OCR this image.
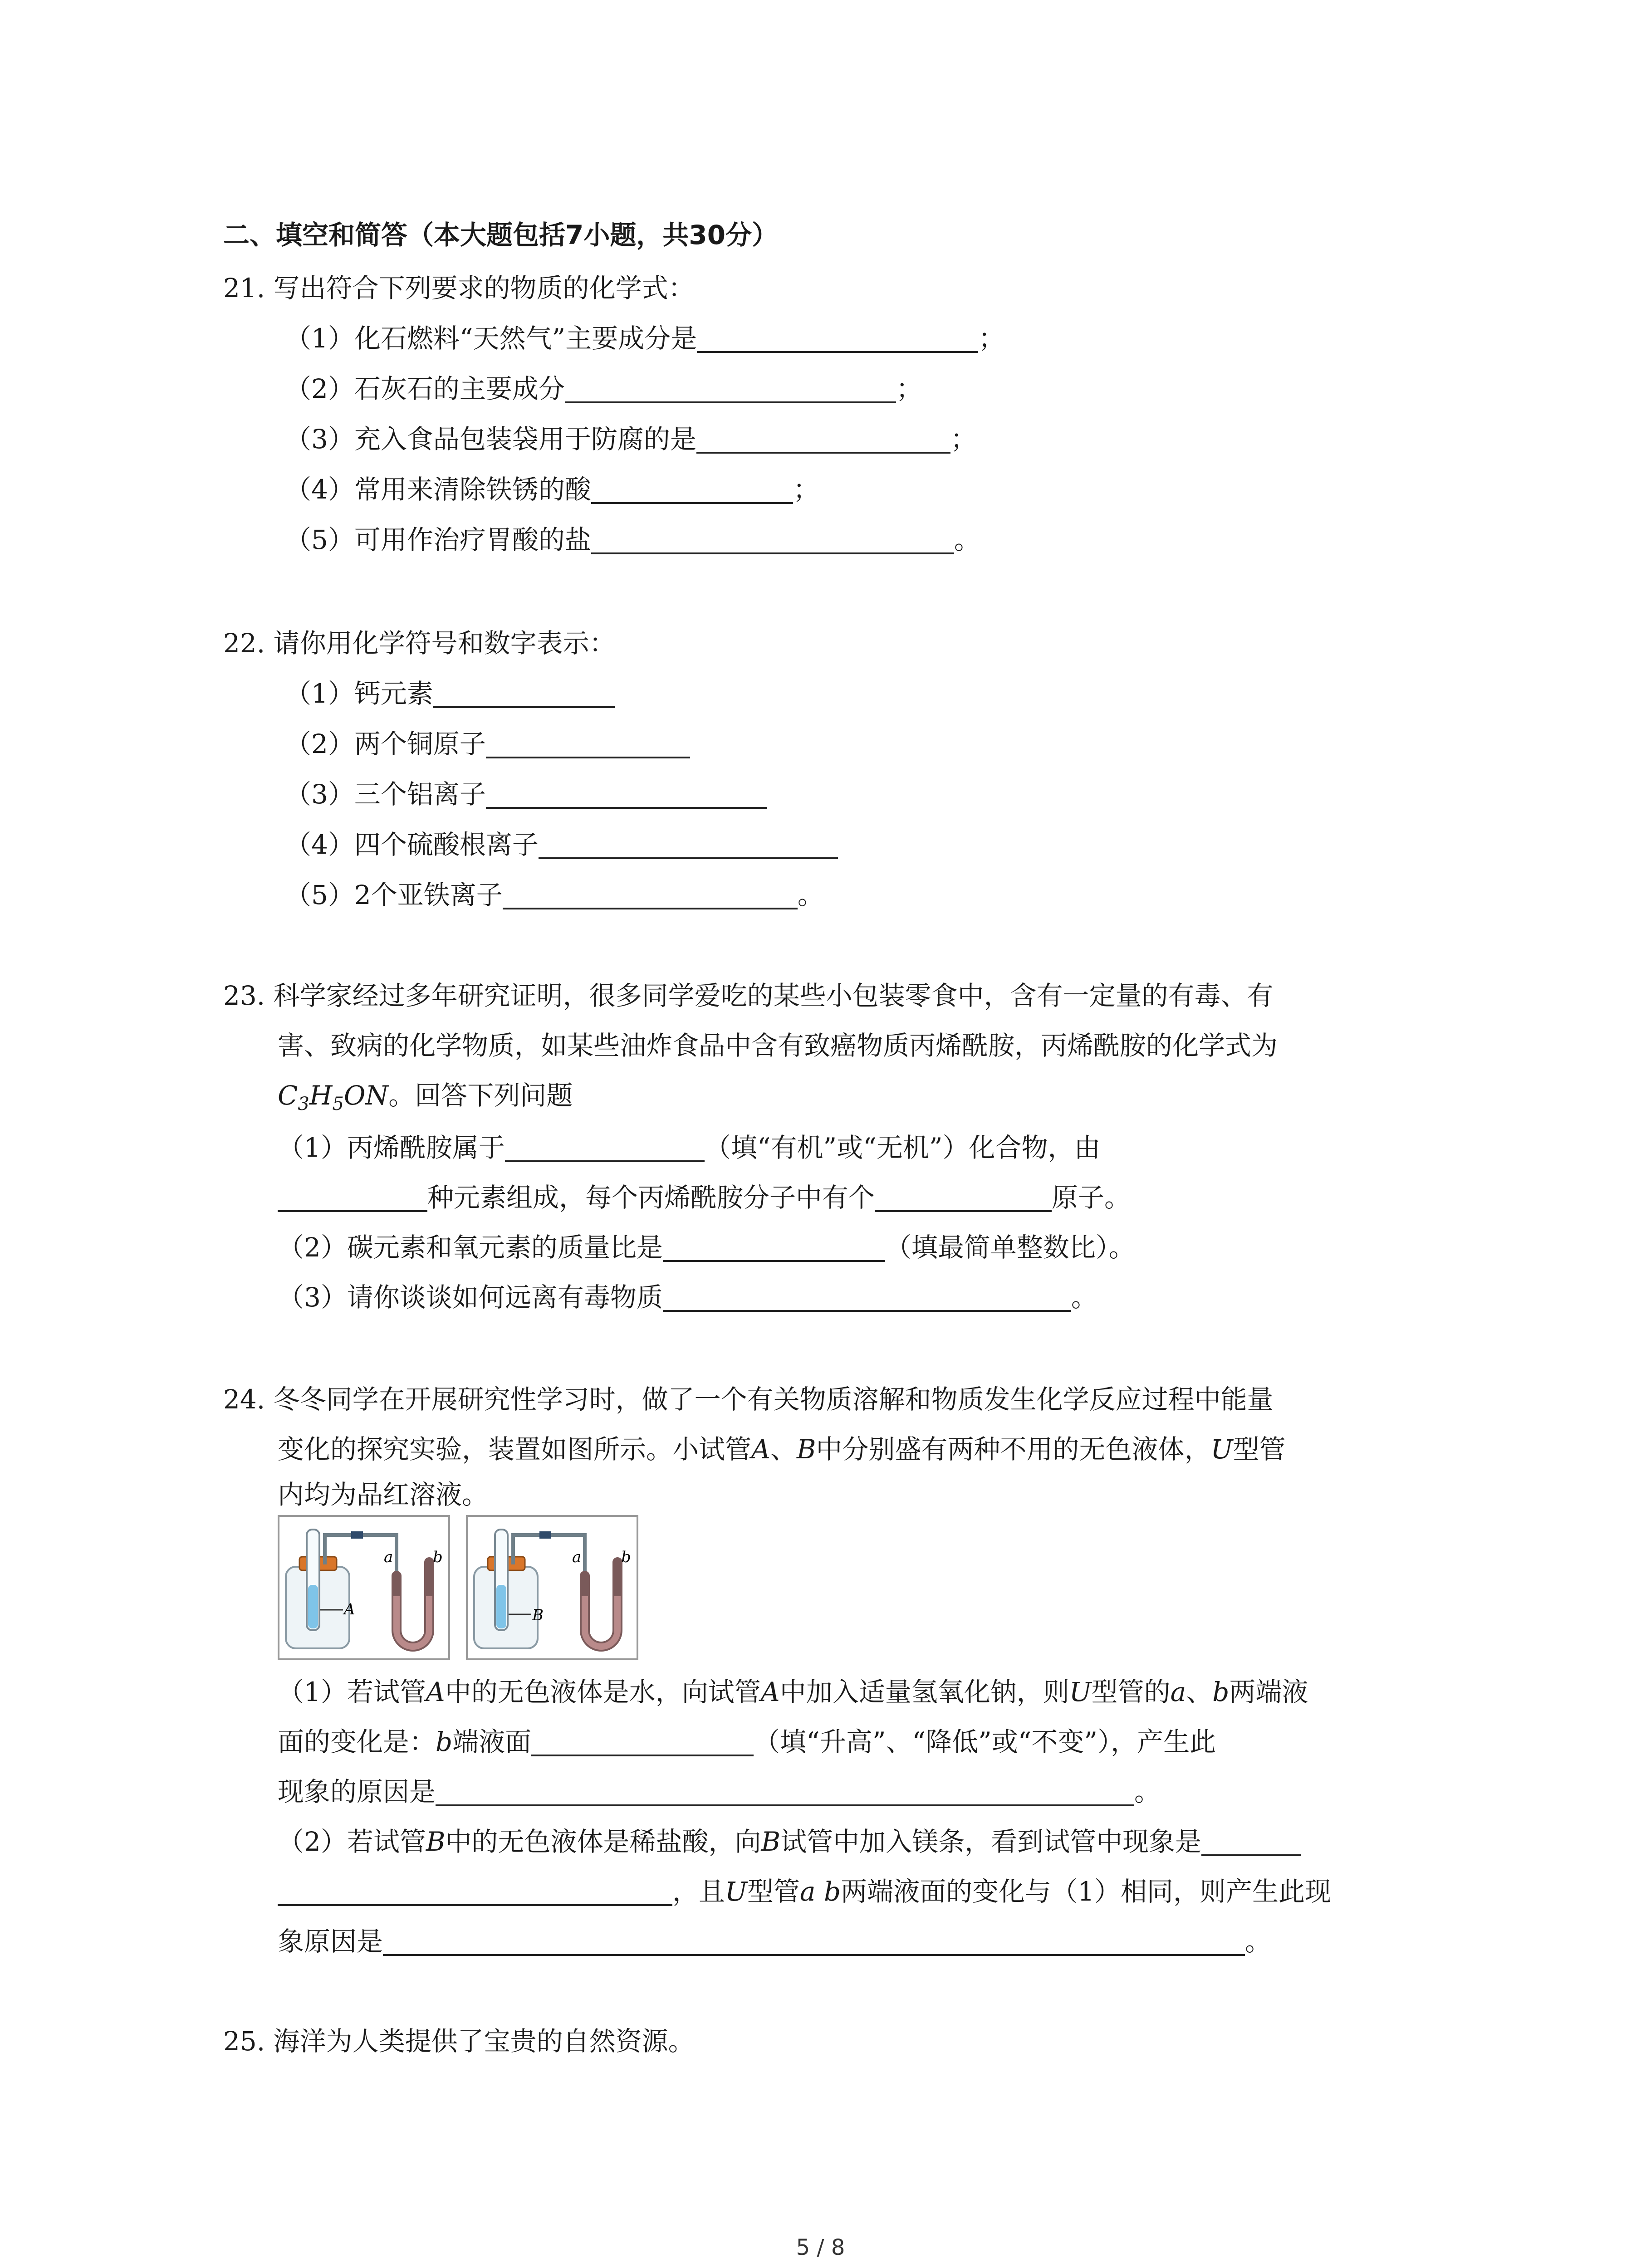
二、填空和简答（本大题包括7小题，共30分）
21. 写出符合下列要求的物质的化学式：
（1）化石燃料“天然气”主要成分是	；
（2）石灰石的主要成分	；
（3）充入食品包装袋用于防腐的是	；
（4）常用来清除铁锈的酸	；
（5）可用作治疗胃酸的盐	。
22. 请你用化学符号和数字表示：
（1）钙元素
（2）两个铜原子
（3）三个铝离子
（4）四个硫酸根离子
（5）2个亚铁离子	。
23. 科学家经过多年研究证明，很多同学爱吃的某些小包装零食中，含有一定量的有毒、有
害、致病的化学物质，如某些油炸食品中含有致癌物质丙烯酰胺，丙烯酰胺的化学式为
$C_3H_5ON$。回答下列问题
（1）丙烯酰胺属于	（填“有机”或“无机”）化合物，由
种元素组成，每个丙烯酰胺分子中有个	原子。
（2）碳元素和氧元素的质量比是	（填最简单整数比）。
（3）请你谈谈如何远离有毒物质	。
24. 冬冬同学在开展研究性学习时，做了一个有关物质溶解和物质发生化学反应过程中能量
变化的探究实验，装置如图所示。小试管A、B中分别盛有两种不用的无色液体，U型管
内均为品红溶液。
A
a	b
B
a	b
（1）若试管A中的无色液体是水，向试管A中加入适量氢氧化钠，则U型管的a、b两端液
面的变化是：b端液面	（填“升高”、“降低”或“不变”），产生此
现象的原因是	。
（2）若试管B中的无色液体是稀盐酸，向B试管中加入镁条，看到试管中现象是
，且U型管a b两端液面的变化与（1）相同，则产生此现
象原因是	。
25. 海洋为人类提供了宝贵的自然资源。
5 / 8
